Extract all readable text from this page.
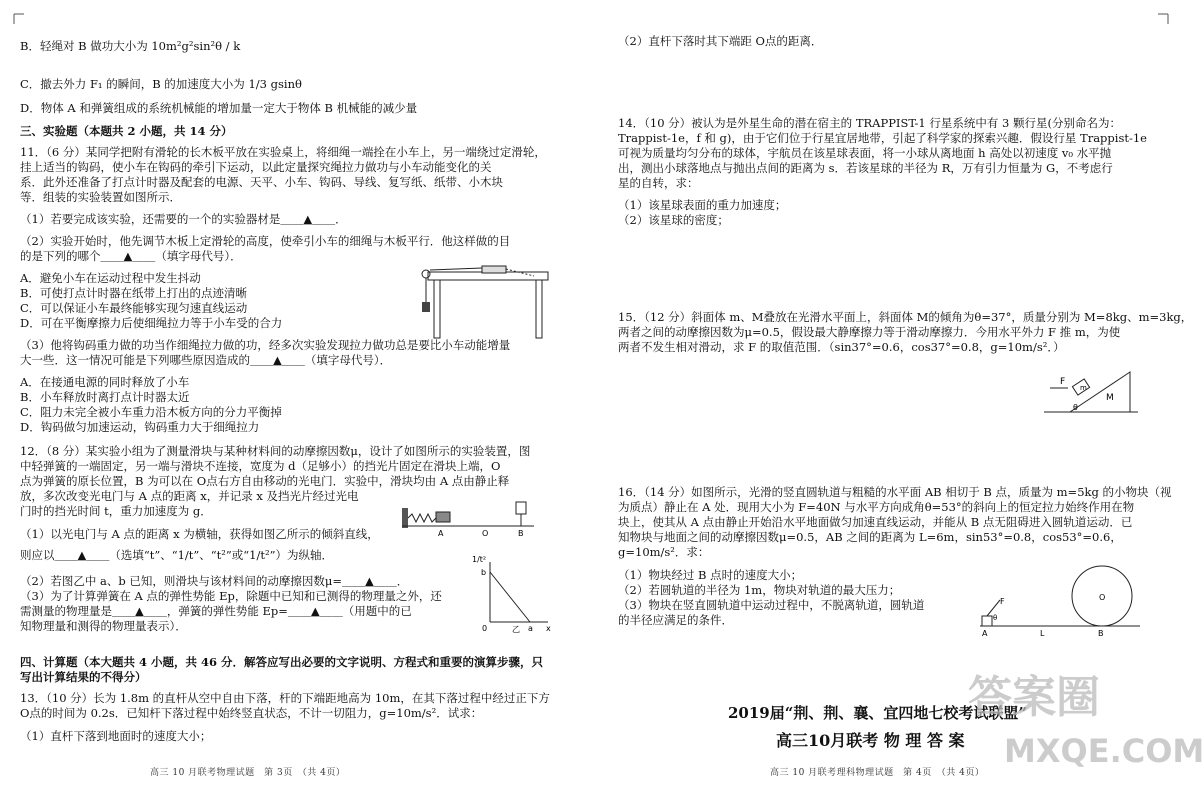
B．轻绳对 B 做功大小为 10m²g²sin²θ / k
C．撤去外力 F₁ 的瞬间，B 的加速度大小为 1/3 gsinθ
D．物体 A 和弹簧组成的系统机械能的增加量一定大于物体 B 机械能的减少量
三、实验题（本题共 2 小题，共 14 分）
11．（6 分）某同学把附有滑轮的长木板平放在实验桌上，将细绳一端拴在小车上，另一端绕过定滑轮，
挂上适当的钩码，使小车在钩码的牵引下运动，以此定量探究绳拉力做功与小车动能变化的关
系．此外还准备了打点计时器及配套的电源、天平、小车、钩码、导线、复写纸、纸带、小木块
等．组装的实验装置如图所示．
（1）若要完成该实验，还需要的一个的实验器材是＿＿▲＿＿．
（2）实验开始时，他先调节木板上定滑轮的高度，使牵引小车的细绳与木板平行．他这样做的目
的是下列的哪个＿＿▲＿＿（填字母代号）．
A．避免小车在运动过程中发生抖动
B．可使打点计时器在纸带上打出的点迹清晰
C．可以保证小车最终能够实现匀速直线运动
D．可在平衡摩擦力后使细绳拉力等于小车受的合力
（3）他将钩码重力做的功当作细绳拉力做的功，经多次实验发现拉力做功总是要比小车动能增量
大一些．这一情况可能是下列哪些原因造成的＿＿▲＿＿（填字母代号）．
A．在接通电源的同时释放了小车
B．小车释放时离打点计时器太近
C．阻力未完全被小车重力沿木板方向的分力平衡掉
D．钩码做匀加速运动，钩码重力大于细绳拉力
12．（8 分）某实验小组为了测量滑块与某种材料间的动摩擦因数μ，设计了如图所示的实验装置，图
中轻弹簧的一端固定，另一端与滑块不连接，宽度为 d（足够小）的挡光片固定在滑块上端，O
点为弹簧的原长位置，B 为可以在 O点右方自由移动的光电门．实验中，滑块均由 A 点由静止释
放，多次改变光电门与 A 点的距离 x，并记录 x 及挡光片经过光电
门时的挡光时间 t，重力加速度为 g．
（1）以光电门与 A 点的距离 x 为横轴，获得如图乙所示的倾斜直线，
则应以＿＿▲＿＿（选填“t”、“1/t”、“t²”或“1/t²”）为纵轴．
（2）若图乙中 a、b 已知，则滑块与该材料间的动摩擦因数μ=＿＿▲＿＿．
（3）为了计算弹簧在 A 点的弹性势能 Ep，除题中已知和已测得的物理量之外，还
需测量的物理量是＿＿▲＿＿，弹簧的弹性势能 Ep=＿＿▲＿＿（用题中的已
知物理量和测得的物理量表示）．
四、计算题（本大题共 4 小题，共 46 分．解答应写出必要的文字说明、方程式和重要的演算步骤，只
写出计算结果的不得分）
13．（10 分）长为 1.8m 的直杆从空中自由下落，杆的下端距地高为 10m，在其下落过程中经过正下方
O点的时间为 0.2s．已知杆下落过程中始终竖直状态，不计一切阻力，g=10m/s²．试求：
（1）直杆下落到地面时的速度大小；
（2）直杆下落时其下端距 O点的距离．
14．（10 分）被认为是外星生命的潜在宿主的 TRAPPIST-1 行星系统中有 3 颗行星(分别命名为：
Trappist-1e，f 和 g)，由于它们位于行星宜居地带，引起了科学家的探索兴趣．假设行星 Trappist-1e
可视为质量均匀分布的球体，宇航员在该星球表面，将一小球从离地面 h 高处以初速度 v₀ 水平抛
出，测出小球落地点与抛出点间的距离为 s．若该星球的半径为 R，万有引力恒量为 G，不考虑行
星的自转，求：
（1）该星球表面的重力加速度；
（2）该星球的密度；
15．（12 分）斜面体 m、M叠放在光滑水平面上，斜面体 M的倾角为θ=37°，质量分别为 M=8kg、m=3kg，
两者之间的动摩擦因数为μ=0.5，假设最大静摩擦力等于滑动摩擦力．今用水平外力 F 推 m，为使
两者不发生相对滑动，求 F 的取值范围．（sin37°=0.6，cos37°=0.8，g=10m/s²．）
16．（14 分）如图所示，光滑的竖直圆轨道与粗糙的水平面 AB 相切于 B 点，质量为 m=5kg 的小物块（视
为质点）静止在 A 处．现用大小为 F=40N 与水平方向成角θ=53°的斜向上的恒定拉力始终作用在物
块上，使其从 A 点由静止开始沿水平地面做匀加速直线运动，并能从 B 点无阻碍进入圆轨道运动．已
知物块与地面之间的动摩擦因数μ=0.5，AB 之间的距离为 L=6m，sin53°=0.8，cos53°=0.6，
g=10m/s²．求：
（1）物块经过 B 点时的速度大小；
（2）若圆轨道的半径为 1m，物块对轨道的最大压力；
（3）物块在竖直圆轨道中运动过程中，不脱离轨道，圆轨道
的半径应满足的条件．
A	O	B
1/t²
b
0	a x
乙
F
m
M
θ
F
θ
A	L	B
O
2019届“荆、荆、襄、宜四地七校考试联盟”
高三10月联考 物 理 答 案
答案圈
MXQE.COM
高三 10 月联考物理试题　第 3页　（共 4页）	高三 10 月联考理科物理试题　第 4页　（共 4页）
